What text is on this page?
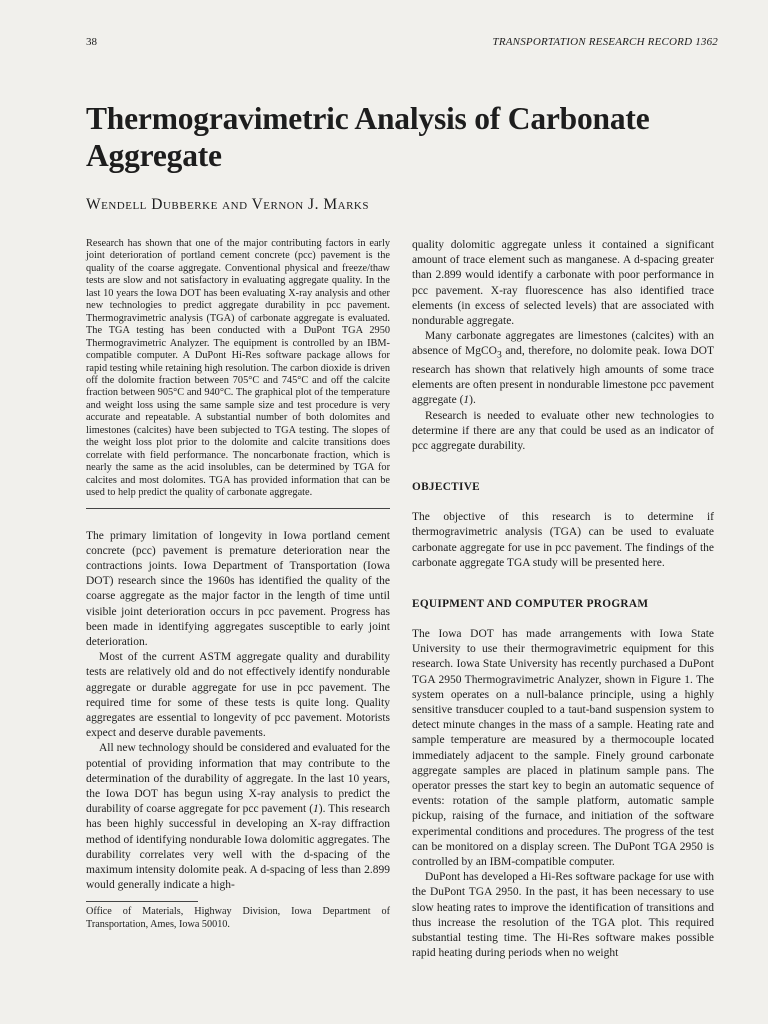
38	TRANSPORTATION RESEARCH RECORD 1362
Thermogravimetric Analysis of Carbonate Aggregate
Wendell Dubberke and Vernon J. Marks

Research has shown that one of the major contributing factors in early joint deterioration of portland cement concrete (pcc) pavement is the quality of the coarse aggregate. Conventional physical and freeze/thaw tests are slow and not satisfactory in evaluating aggregate quality. In the last 10 years the Iowa DOT has been evaluating X-ray analysis and other new technologies to predict aggregate durability in pcc pavement. Thermogravimetric analysis (TGA) of carbonate aggregate is evaluated. The TGA testing has been conducted with a DuPont TGA 2950 Thermogravimetric Analyzer. The equipment is controlled by an IBM-compatible computer. A DuPont Hi-Res software package allows for rapid testing while retaining high resolution. The carbon dioxide is driven off the dolomite fraction between 705°C and 745°C and off the calcite fraction between 905°C and 940°C. The graphical plot of the temperature and weight loss using the same sample size and test procedure is very accurate and repeatable. A substantial number of both dolomites and limestones (calcites) have been subjected to TGA testing. The slopes of the weight loss plot prior to the dolomite and calcite transitions does correlate with field performance. The noncarbonate fraction, which is nearly the same as the acid insolubles, can be determined by TGA for calcites and most dolomites. TGA has provided information that can be used to help predict the quality of carbonate aggregate.

The primary limitation of longevity in Iowa portland cement concrete (pcc) pavement is premature deterioration near the contractions joints. Iowa Department of Transportation (Iowa DOT) research since the 1960s has identified the quality of the coarse aggregate as the major factor in the length of time until visible joint deterioration occurs in pcc pavement. Progress has been made in identifying aggregates susceptible to early joint deterioration.

Most of the current ASTM aggregate quality and durability tests are relatively old and do not effectively identify nondurable aggregate or durable aggregate for use in pcc pavement. The required time for some of these tests is quite long. Quality aggregates are essential to longevity of pcc pavement. Motorists expect and deserve durable pavements.

All new technology should be considered and evaluated for the potential of providing information that may contribute to the determination of the durability of aggregate. In the last 10 years, the Iowa DOT has begun using X-ray analysis to predict the durability of coarse aggregate for pcc pavement (1). This research has been highly successful in developing an X-ray diffraction method of identifying nondurable Iowa dolomitic aggregates. The durability correlates very well with the d-spacing of the maximum intensity dolomite peak. A d-spacing of less than 2.899 would generally indicate a high-

Office of Materials, Highway Division, Iowa Department of Transportation, Ames, Iowa 50010.

quality dolomitic aggregate unless it contained a significant amount of trace element such as manganese. A d-spacing greater than 2.899 would identify a carbonate with poor performance in pcc pavement. X-ray fluorescence has also identified trace elements (in excess of selected levels) that are associated with nondurable aggregate.

Many carbonate aggregates are limestones (calcites) with an absence of MgCO$_3$ and, therefore, no dolomite peak. Iowa DOT research has shown that relatively high amounts of some trace elements are often present in nondurable limestone pcc pavement aggregate (1).

Research is needed to evaluate other new technologies to determine if there are any that could be used as an indicator of pcc aggregate durability.

OBJECTIVE

The objective of this research is to determine if thermogravimetric analysis (TGA) can be used to evaluate carbonate aggregate for use in pcc pavement. The findings of the carbonate aggregate TGA study will be presented here.

EQUIPMENT AND COMPUTER PROGRAM

The Iowa DOT has made arrangements with Iowa State University to use their thermogravimetric equipment for this research. Iowa State University has recently purchased a DuPont TGA 2950 Thermogravimetric Analyzer, shown in Figure 1. The system operates on a null-balance principle, using a highly sensitive transducer coupled to a taut-band suspension system to detect minute changes in the mass of a sample. Heating rate and sample temperature are measured by a thermocouple located immediately adjacent to the sample. Finely ground carbonate aggregate samples are placed in platinum sample pans. The operator presses the start key to begin an automatic sequence of events: rotation of the sample platform, automatic sample pickup, raising of the furnace, and initiation of the software experimental conditions and procedures. The progress of the test can be monitored on a display screen. The DuPont TGA 2950 is controlled by an IBM-compatible computer.

DuPont has developed a Hi-Res software package for use with the DuPont TGA 2950. In the past, it has been necessary to use slow heating rates to improve the identification of transitions and thus increase the resolution of the TGA plot. This required substantial testing time. The Hi-Res software makes possible rapid heating during periods when no weight
